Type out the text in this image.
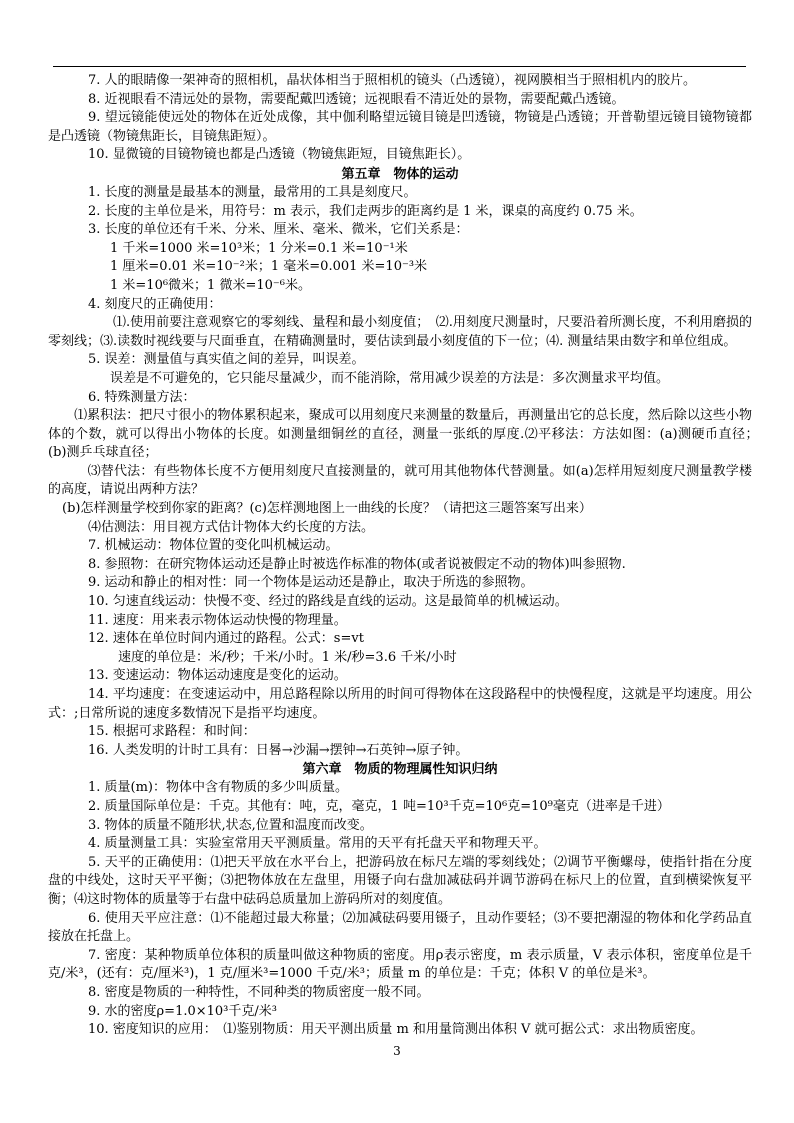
7. 人的眼睛像一架神奇的照相机，晶状体相当于照相机的镜头（凸透镜），视网膜相当于照相机内的胶片。
8. 近视眼看不清远处的景物，需要配戴凹透镜；远视眼看不清近处的景物，需要配戴凸透镜。
9. 望远镜能使远处的物体在近处成像，其中伽利略望远镜目镜是凹透镜，物镜是凸透镜；开普勒望远镜目镜物镜都是凸透镜（物镜焦距长，目镜焦距短）。
10. 显微镜的目镜物镜也都是凸透镜（物镜焦距短，目镜焦距长）。
第五章　物体的运动
1. 长度的测量是最基本的测量，最常用的工具是刻度尺。
2. 长度的主单位是米，用符号：m 表示，我们走两步的距离约是 1 米，课桌的高度约 0.75 米。
3. 长度的单位还有千米、分米、厘米、毫米、微米，它们关系是：
1 千米=1000 米=10³米；1 分米=0.1 米=10⁻¹米
1 厘米=0.01 米=10⁻²米；1 毫米=0.001 米=10⁻³米
1 米=10⁶微米；1 微米=10⁻⁶米。
4. 刻度尺的正确使用：
　　　　　⑴.使用前要注意观察它的零刻线、量程和最小刻度值；　⑵.用刻度尺测量时，尺要沿着所测长度，不利用磨损的零刻线；⑶.读数时视线要与尺面垂直，在精确测量时，要估读到最小刻度值的下一位；⑷. 测量结果由数字和单位组成。
5. 误差：测量值与真实值之间的差异，叫误差。
误差是不可避免的，它只能尽量减少，而不能消除，常用减少误差的方法是：多次测量求平均值。
6. 特殊测量方法：
　　⑴累积法：把尺寸很小的物体累积起来，聚成可以用刻度尺来测量的数量后，再测量出它的总长度，然后除以这些小物体的个数，就可以得出小物体的长度。如测量细铜丝的直径，测量一张纸的厚度.⑵平移法：方法如图：(a)测硬币直径；　 (b)测乒乓球直径；
　　　⑶替代法：有些物体长度不方便用刻度尺直接测量的，就可用其他物体代替测量。如(a)怎样用短刻度尺测量教学楼的高度，请说出两种方法？
(b)怎样测量学校到你家的距离？(c)怎样测地图上一曲线的长度？（请把这三题答案写出来）
⑷估测法：用目视方式估计物体大约长度的方法。
7. 机械运动：物体位置的变化叫机械运动。
8. 参照物：在研究物体运动还是静止时被选作标准的物体(或者说被假定不动的物体)叫参照物.
9. 运动和静止的相对性：同一个物体是运动还是静止，取决于所选的参照物。
10. 匀速直线运动：快慢不变、经过的路线是直线的运动。这是最简单的机械运动。
11. 速度：用来表示物体运动快慢的物理量。
12. 速体在单位时间内通过的路程。公式：s=vt
速度的单位是：米/秒；千米/小时。1 米/秒=3.6 千米/小时
13. 变速运动：物体运动速度是变化的运动。
14. 平均速度：在变速运动中，用总路程除以所用的时间可得物体在这段路程中的快慢程度，这就是平均速度。用公式：;日常所说的速度多数情况下是指平均速度。
15. 根据可求路程：和时间：
16. 人类发明的计时工具有：日晷→沙漏→摆钟→石英钟→原子钟。
第六章　物质的物理属性知识归纳
1. 质量(m)：物体中含有物质的多少叫质量。
2. 质量国际单位是：千克。其他有：吨，克，毫克，1 吨=10³千克=10⁶克=10⁹毫克（进率是千进）
3. 物体的质量不随形状,状态,位置和温度而改变。
4. 质量测量工具：实验室常用天平测质量。常用的天平有托盘天平和物理天平。
5. 天平的正确使用：⑴把天平放在水平台上，把游码放在标尺左端的零刻线处；⑵调节平衡螺母，使指针指在分度盘的中线处，这时天平平衡；⑶把物体放在左盘里，用镊子向右盘加减砝码并调节游码在标尺上的位置，直到横梁恢复平衡；⑷这时物体的质量等于右盘中砝码总质量加上游码所对的刻度值。
6. 使用天平应注意：⑴不能超过最大称量；⑵加减砝码要用镊子，且动作要轻；⑶不要把潮湿的物体和化学药品直接放在托盘上。
7. 密度：某种物质单位体积的质量叫做这种物质的密度。用ρ表示密度，m 表示质量，V 表示体积，密度单位是千克/米³，(还有：克/厘米³)，1 克/厘米³=1000 千克/米³；质量 m 的单位是：千克；体积 V 的单位是米³。
8. 密度是物质的一种特性，不同种类的物质密度一般不同。
9. 水的密度ρ=1.0×10³千克/米³
10. 密度知识的应用：　⑴鉴别物质：用天平测出质量 m 和用量筒测出体积 V 就可据公式：求出物质密度。
3
